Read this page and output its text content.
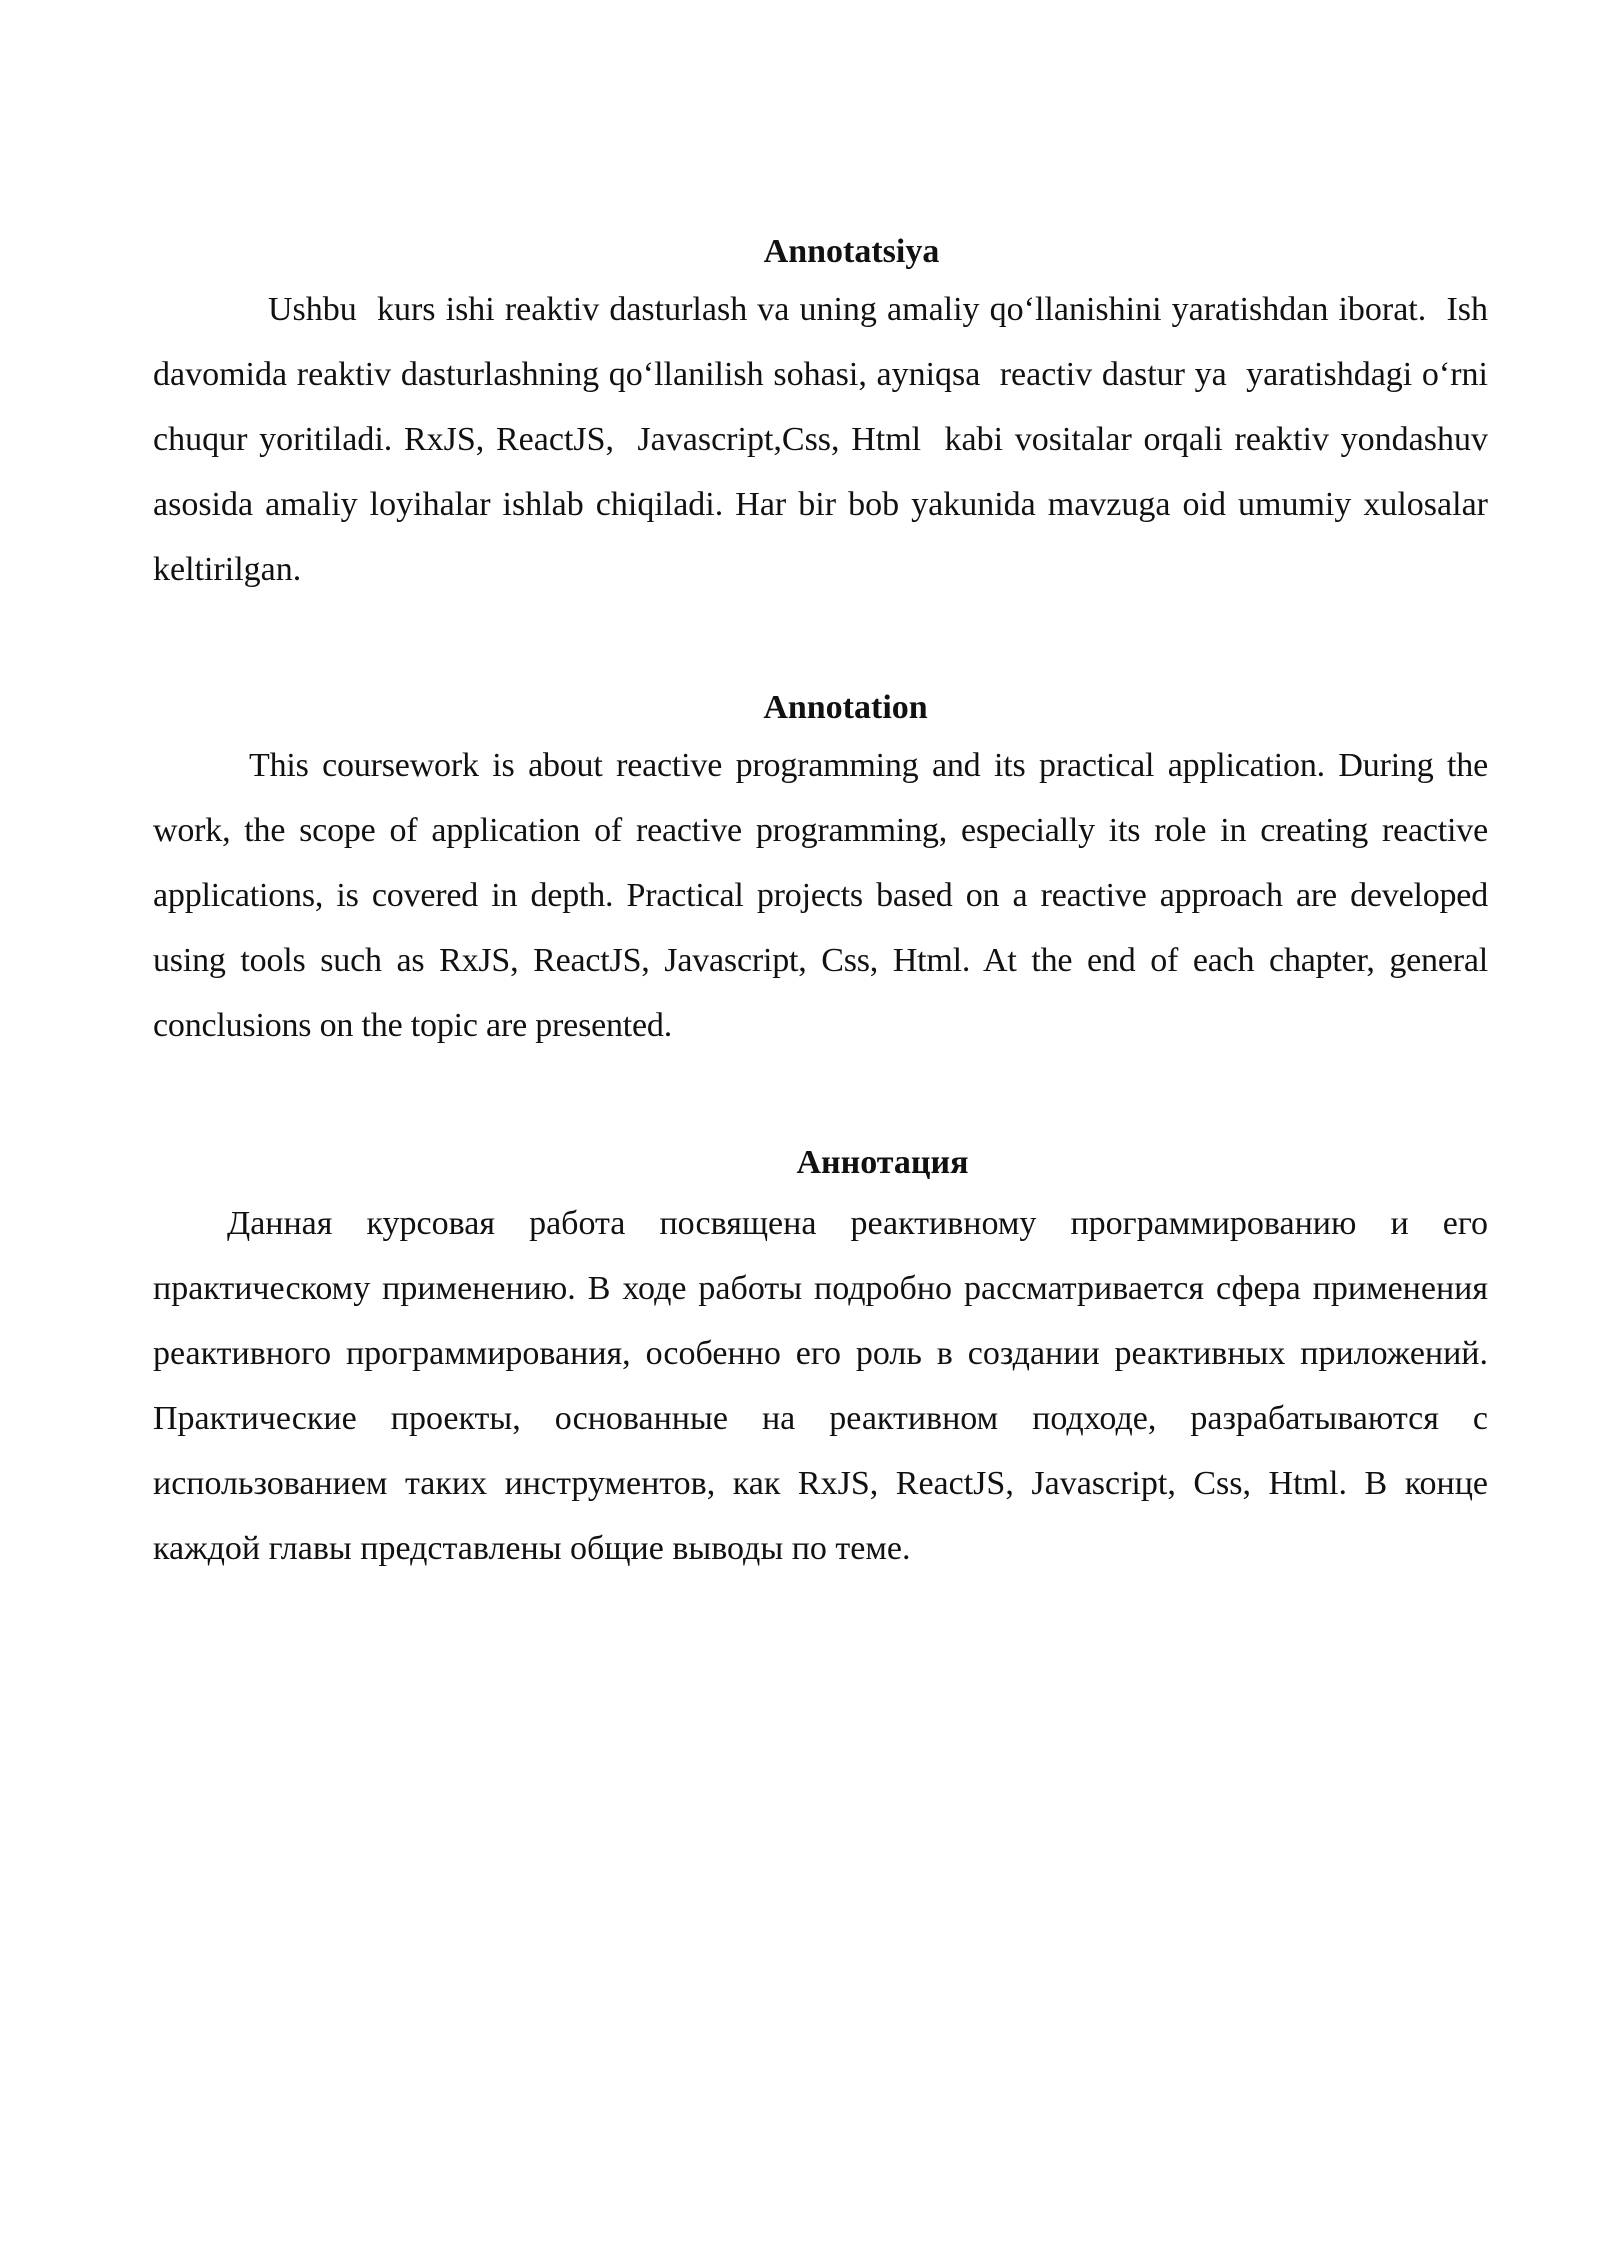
Annotatsiya

Ushbu  kurs ishi reaktiv dasturlash va uning amaliy qo‘llanishini yaratishdan iborat.  Ish davomida reaktiv dasturlashning qo‘llanilish sohasi, ayniqsa  reactiv dastur ya  yaratishdagi o‘rni chuqur yoritiladi. RxJS, ReactJS,  Javascript,Css, Html  kabi vositalar orqali reaktiv yondashuv asosida amaliy loyihalar ishlab chiqiladi. Har bir bob yakunida mavzuga oid umumiy xulosalar keltirilgan.

Annotation

This coursework is about reactive programming and its practical application. During the work, the scope of application of reactive programming, especially its role in creating reactive applications, is covered in depth. Practical projects based on a reactive approach are developed using tools such as RxJS, ReactJS, Javascript, Css, Html. At the end of each chapter, general conclusions on the topic are presented.

Аннотация

Данная курсовая работа посвящена реактивному программированию и его практическому применению. В ходе работы подробно рассматривается сфера применения реактивного программирования, особенно его роль в создании реактивных приложений. Практические проекты, основанные на реактивном подходе, разрабатываются с использованием таких инструментов, как RxJS, ReactJS, Javascript, Css, Html. В конце каждой главы представлены общие выводы по теме.
